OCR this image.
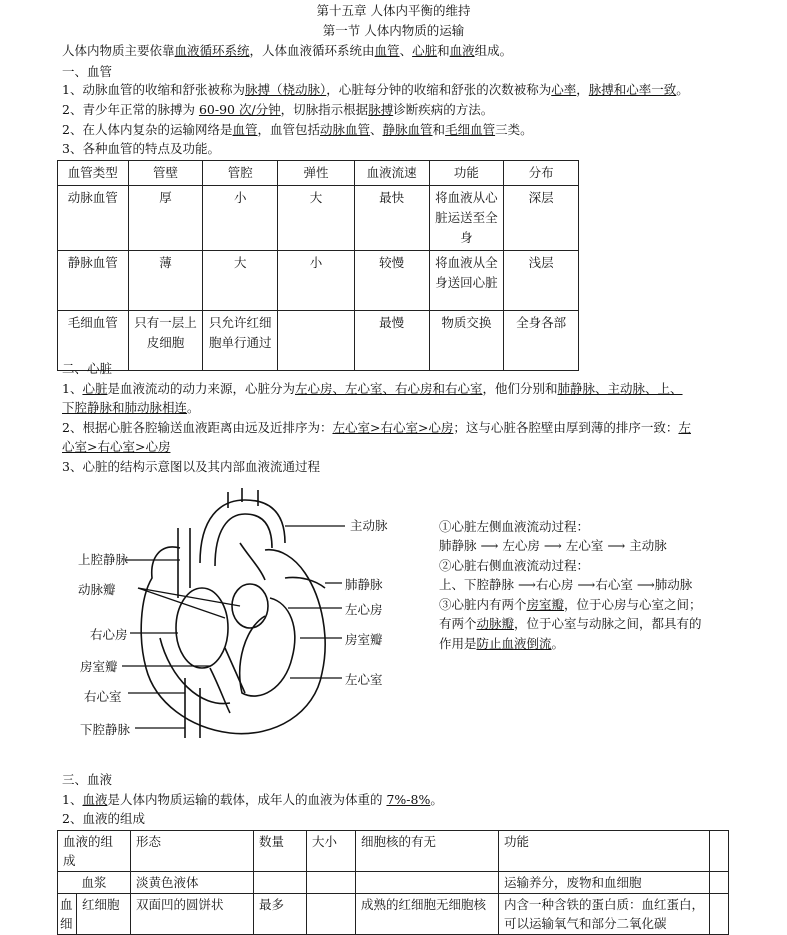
第十五章 人体内平衡的维持
第一节 人体内物质的运输
人体内物质主要依靠血液循环系统，人体血液循环系统由血管、心脏和血液组成。
一、血管
1、动脉血管的收缩和舒张被称为脉搏（桡动脉），心脏每分钟的收缩和舒张的次数被称为心率，脉搏和心率一致。
2、青少年正常的脉搏为 60-90 次/分钟，切脉指示根据脉搏诊断疾病的方法。
2、在人体内复杂的运输网络是血管，血管包括动脉血管、静脉血管和毛细血管三类。
3、各种血管的特点及功能。
血管类型	管壁	管腔	弹性	血液流速	功能	分布
动脉血管	厚	小	大	最快	将血液从心脏运送至全身	深层
静脉血管	薄	大	小	较慢	将血液从全身送回心脏	浅层
毛细血管	只有一层上皮细胞	只允许红细胞单行通过		最慢	物质交换	全身各部
二、心脏
1、心脏是血液流动的动力来源，心脏分为左心房、左心室、右心房和右心室，他们分别和肺静脉、主动脉、上、
下腔静脉和肺动脉相连。
2、根据心脏各腔输送血液距离由远及近排序为：左心室>右心室>心房；这与心脏各腔壁由厚到薄的排序一致：左
心室>右心室>心房
3、心脏的结构示意图以及其内部血液流通过程
主动脉
上腔静脉
动脉瓣
右心房
房室瓣
右心室
下腔静脉
肺静脉
左心房
房室瓣
左心室
①心脏左侧血液流动过程：
肺静脉 ⟶ 左心房 ⟶ 左心室 ⟶ 主动脉
②心脏右侧血液流动过程：
上、下腔静脉 ⟶右心房 ⟶右心室 ⟶肺动脉
③心脏内有两个房室瓣，位于心房与心室之间；
有两个动脉瓣，位于心室与动脉之间，都具有的
作用是防止血液倒流。
三、血液
1、血液是人体内物质运输的载体，成年人的血液为体重的 7%-8%。
2、血液的组成
血液的组成		形态	数量	大小	细胞核的有无	功能	
血浆		淡黄色液体				运输养分，废物和血细胞	
血细	红细胞	双面凹的圆饼状	最多		成熟的红细胞无细胞核	内含一种含铁的蛋白质：血红蛋白，可以运输氧气和部分二氧化碳	
